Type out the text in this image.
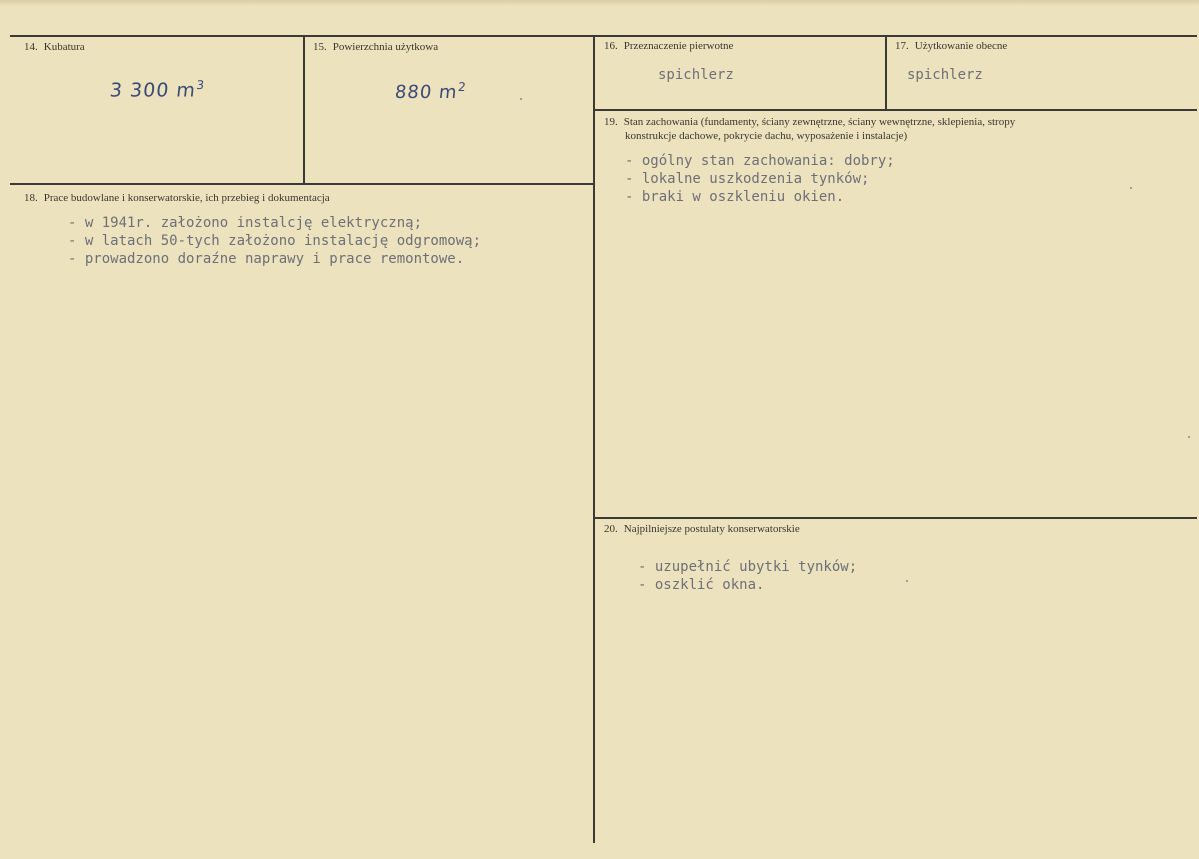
14. Kubatura
3 300 $m^3$
15. Powierzchnia użytkowa
880 $m^2$
16. Przeznaczenie pierwotne
spichlerz
17. Użytkowanie obecne
spichlerz
18. Prace budowlane i konserwatorskie, ich przebieg i dokumentacja
- w 1941r. założono instalcję elektryczną;
- w latach 50-tych założono instalację odgromową;
- prowadzono doraźne naprawy i prace remontowe.
19. Stan zachowania (fundamenty, ściany zewnętrzne, ściany wewnętrzne, sklepienia, stropy
konstrukcje dachowe, pokrycie dachu, wyposażenie i instalacje)
- ogólny stan zachowania: dobry;
- lokalne uszkodzenia tynków;
- braki w oszkleniu okien.
20. Najpilniejsze postulaty konserwatorskie
- uzupełnić ubytki tynków;
- oszklić okna.
